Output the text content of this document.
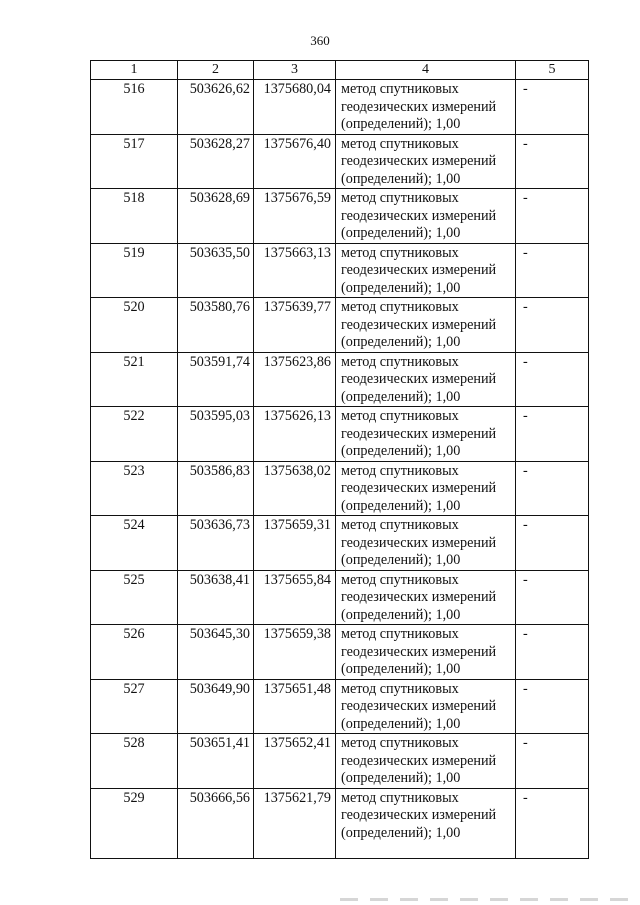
360
1	2	3	4	5
516	503626,62	1375680,04	метод спутниковых геодезических измерений (определений); 1,00	-
517	503628,27	1375676,40	метод спутниковых геодезических измерений (определений); 1,00	-
518	503628,69	1375676,59	метод спутниковых геодезических измерений (определений); 1,00	-
519	503635,50	1375663,13	метод спутниковых геодезических измерений (определений); 1,00	-
520	503580,76	1375639,77	метод спутниковых геодезических измерений (определений); 1,00	-
521	503591,74	1375623,86	метод спутниковых геодезических измерений (определений); 1,00	-
522	503595,03	1375626,13	метод спутниковых геодезических измерений (определений); 1,00	-
523	503586,83	1375638,02	метод спутниковых геодезических измерений (определений); 1,00	-
524	503636,73	1375659,31	метод спутниковых геодезических измерений (определений); 1,00	-
525	503638,41	1375655,84	метод спутниковых геодезических измерений (определений); 1,00	-
526	503645,30	1375659,38	метод спутниковых геодезических измерений (определений); 1,00	-
527	503649,90	1375651,48	метод спутниковых геодезических измерений (определений); 1,00	-
528	503651,41	1375652,41	метод спутниковых геодезических измерений (определений); 1,00	-
529	503666,56	1375621,79	метод спутниковых геодезических измерений (определений); 1,00	-
